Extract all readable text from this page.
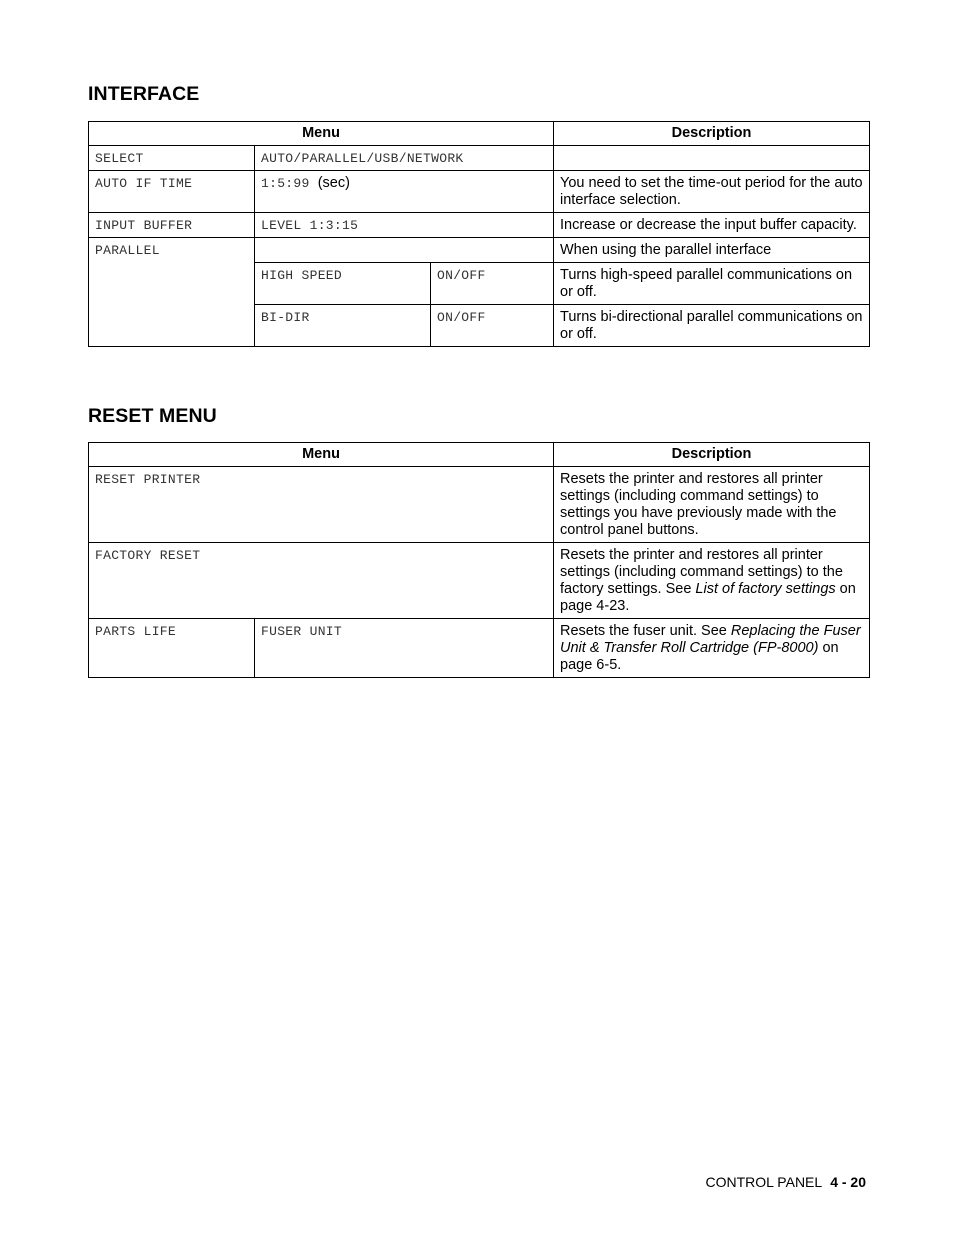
INTERFACE
Menu			Description
SELECT	AUTO/PARALLEL/USB/NETWORK		
AUTO IF TIME	1:5:99 (sec)		You need to set the time-out period for the auto interface selection.
INPUT BUFFER	LEVEL 1:3:15		Increase or decrease the input buffer capacity.
PARALLEL			When using the parallel interface
	HIGH SPEED	ON/OFF	Turns high-speed parallel communications on or off.
	BI-DIR	ON/OFF	Turns bi-directional parallel communications on or off.
RESET MENU
Menu		Description
RESET PRINTER		Resets the printer and restores all printer settings (including command settings) to settings you have previously made with the control panel buttons.
FACTORY RESET		Resets the printer and restores all printer settings (including command settings) to the factory settings. See List of factory settings on page 4-23.
PARTS LIFE	FUSER UNIT	Resets the fuser unit. See Replacing the Fuser Unit & Transfer Roll Cartridge (FP-8000) on page 6-5.
CONTROL PANEL 4 - 20
